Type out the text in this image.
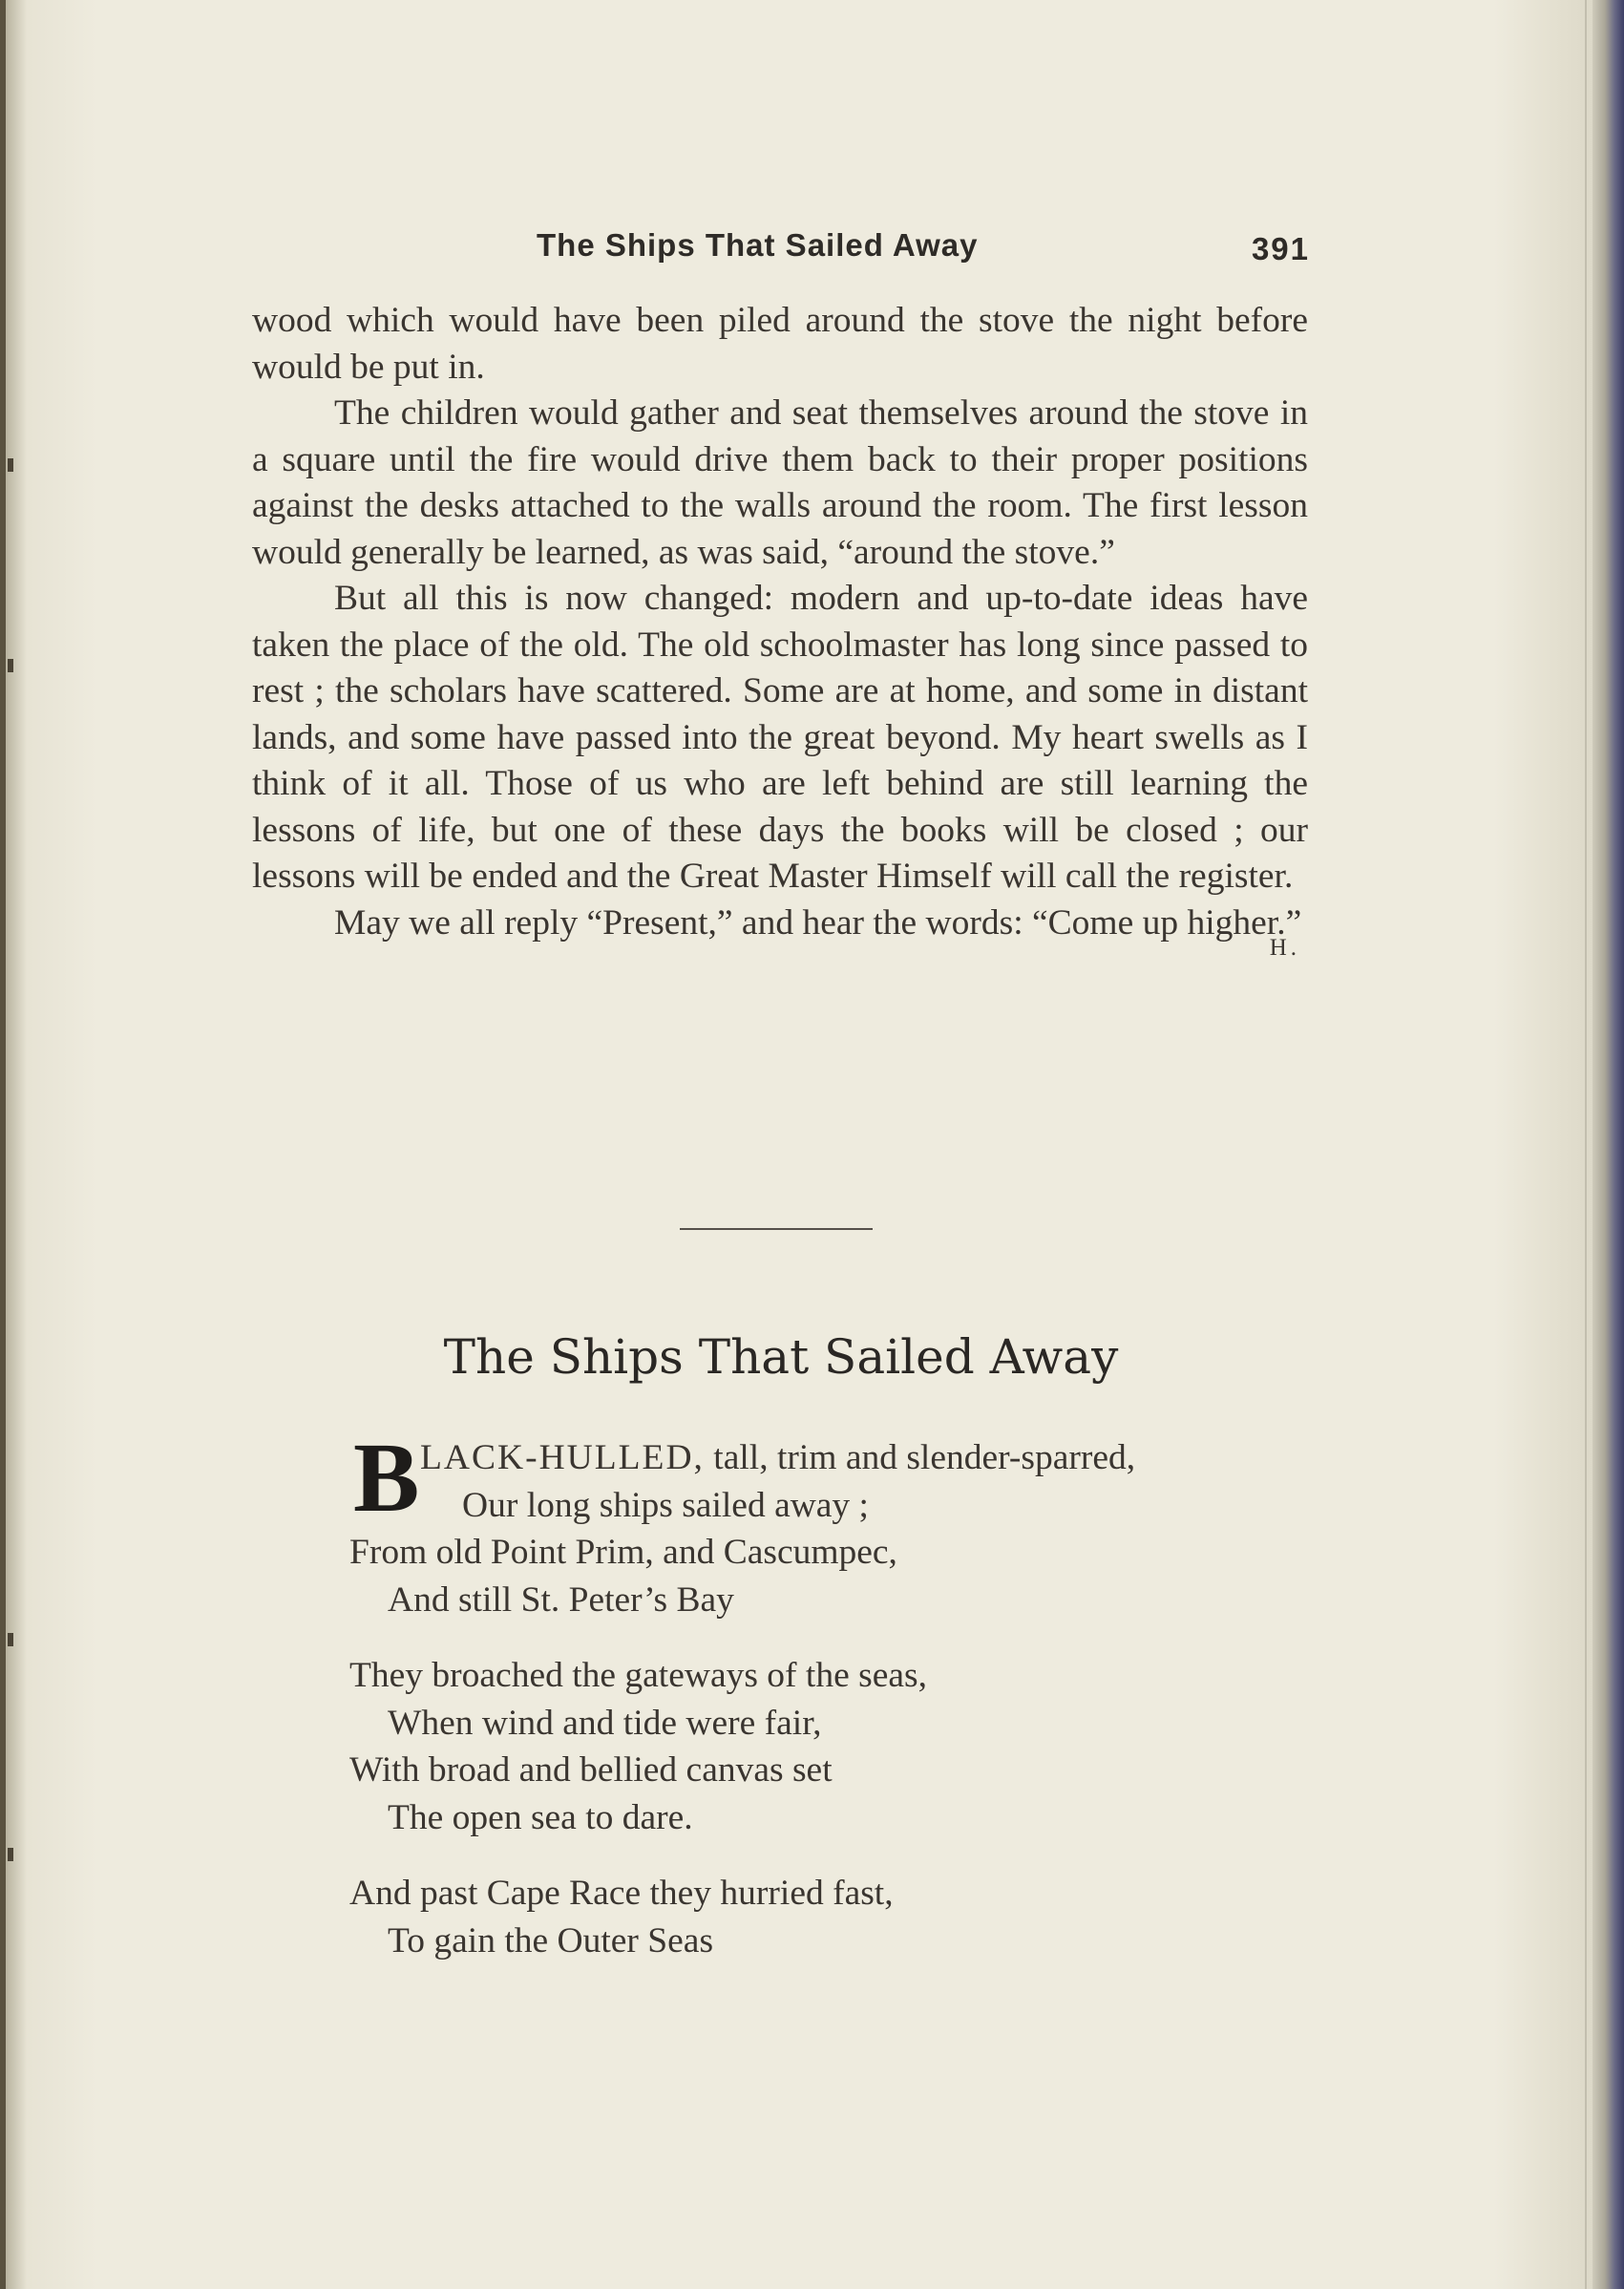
The Ships That Sailed Away	391

wood which would have been piled around the stove the night before would be put in.

The children would gather and seat themselves around the stove in a square until the fire would drive them back to their proper positions against the desks attached to the walls around the room. The first lesson would generally be learned, as was said, “around the stove.”

But all this is now changed: modern and up-to-date ideas have taken the place of the old. The old schoolmaster has long since passed to rest ; the scholars have scattered. Some are at home, and some in distant lands, and some have passed into the great beyond. My heart swells as I think of it all. Those of us who are left behind are still learning the lessons of life, but one of these days the books will be closed ; our lessons will be ended and the Great Master Himself will call the register.

May we all reply “Present,” and hear the words: “Come up higher.”

H.
The Ships That Sailed Away
B LACK-HULLED, tall, trim and slender-sparred,
Our long ships sailed away ;
From old Point Prim, and Cascumpec,
And still St. Peter’s Bay
They broached the gateways of the seas,
When wind and tide were fair,
With broad and bellied canvas set
The open sea to dare.
And past Cape Race they hurried fast,
To gain the Outer Seas
